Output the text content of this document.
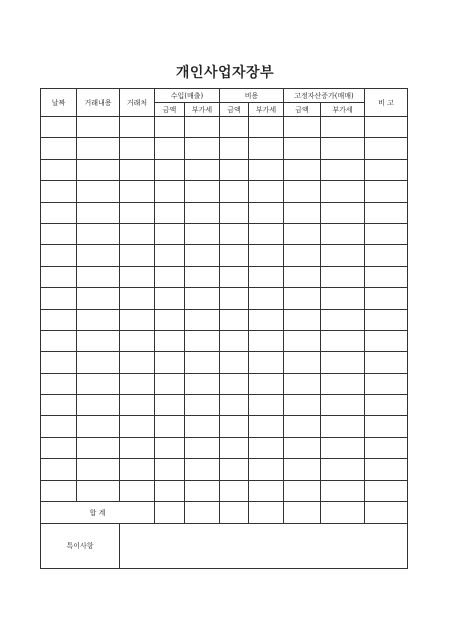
개인사업자장부
날짜	거래내용	거래처	수입(매출)		비용		고정자산증가(매매)		비 고
			금액	부가세	금액	부가세	금액	부가세	

합 계									
특이사항									
